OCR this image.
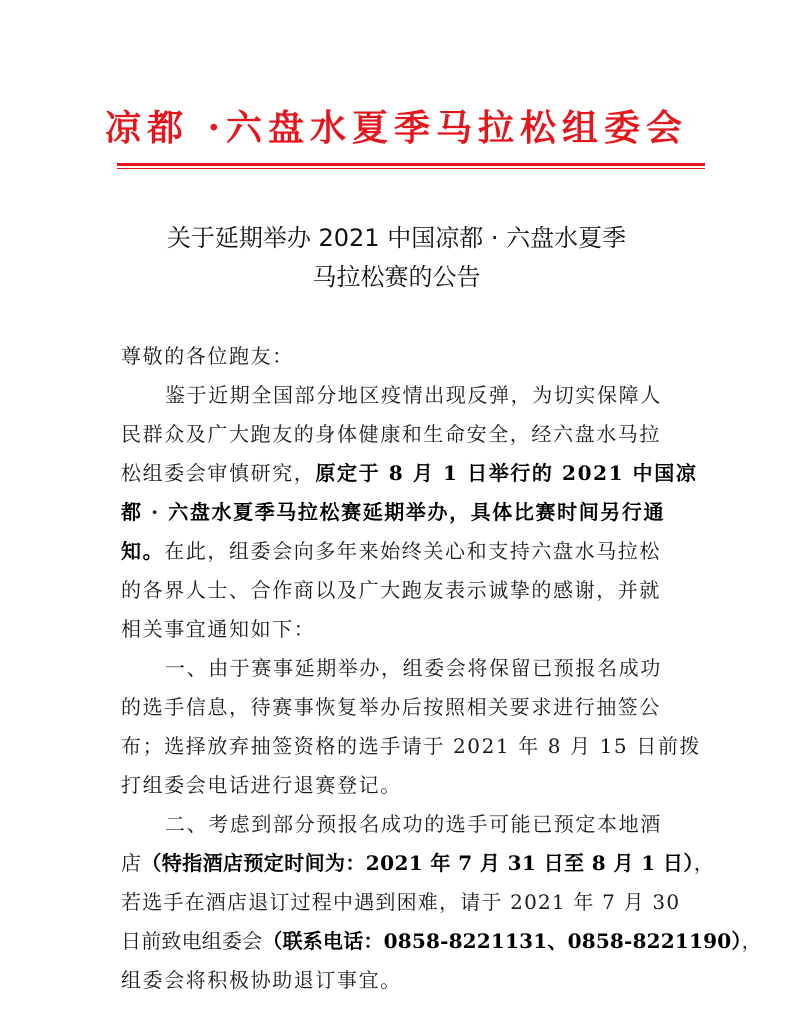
凉都 ·六盘水夏季马拉松组委会
关于延期举办 2021 中国凉都 · 六盘水夏季
马拉松赛的公告
尊敬的各位跑友：
鉴于近期全国部分地区疫情出现反弹，为切实保障人
民群众及广大跑友的身体健康和生命安全，经六盘水马拉
松组委会审慎研究，原定于 8 月 1 日举行的 2021 中国凉
都 · 六盘水夏季马拉松赛延期举办，具体比赛时间另行通
知。在此，组委会向多年来始终关心和支持六盘水马拉松
的各界人士、合作商以及广大跑友表示诚挚的感谢，并就
相关事宜通知如下：
一、由于赛事延期举办，组委会将保留已预报名成功
的选手信息，待赛事恢复举办后按照相关要求进行抽签公
布；选择放弃抽签资格的选手请于 2021 年 8 月 15 日前拨
打组委会电话进行退赛登记。
二、考虑到部分预报名成功的选手可能已预定本地酒
店（特指酒店预定时间为：2021 年 7 月 31 日至 8 月 1 日），
若选手在酒店退订过程中遇到困难，请于 2021 年 7 月 30
日前致电组委会（联系电话：0858-8221131、0858-8221190），
组委会将积极协助退订事宜。
